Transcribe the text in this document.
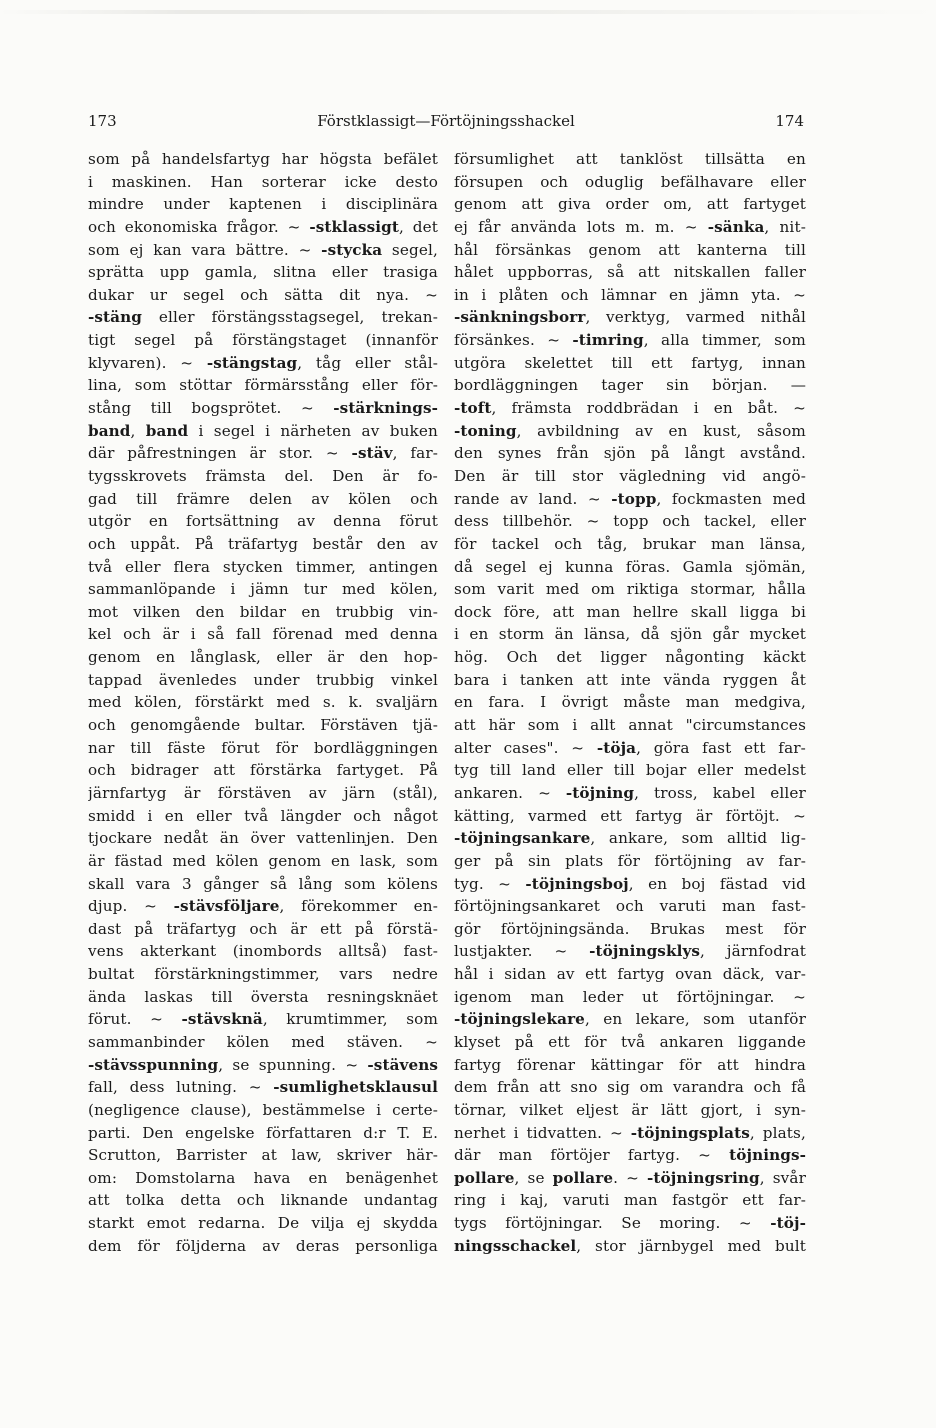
173	Förstklassigt—Förtöjningsshackel	174
som på handelsfartyg har högsta befälet
i maskinen. Han sorterar icke desto
mindre under kaptenen i disciplinära
och ekonomiska frågor. ~ -stklassigt, det
som ej kan vara bättre. ~ -stycka segel,
sprätta upp gamla, slitna eller trasiga
dukar ur segel och sätta dit nya. ~
-stäng eller förstängsstagsegel, trekan-
tigt segel på förstängstaget (innanför
klyvaren). ~ -stängstag, tåg eller stål-
lina, som stöttar förmärsstång eller för-
stång till bogsprötet. ~ -stärknings-
band, band i segel i närheten av buken
där påfrestningen är stor. ~ -stäv, far-
tygsskrovets främsta del. Den är fo-
gad till främre delen av kölen och
utgör en fortsättning av denna förut
och uppåt. På träfartyg består den av
två eller flera stycken timmer, antingen
sammanlöpande i jämn tur med kölen,
mot vilken den bildar en trubbig vin-
kel och är i så fall förenad med denna
genom en långlask, eller är den hop-
tappad ävenledes under trubbig vinkel
med kölen, förstärkt med s. k. svaljärn
och genomgående bultar. Förstäven tjä-
nar till fäste förut för bordläggningen
och bidrager att förstärka fartyget. På
järnfartyg är förstäven av järn (stål),
smidd i en eller två längder och något
tjockare nedåt än över vattenlinjen. Den
är fästad med kölen genom en lask, som
skall vara 3 gånger så lång som kölens
djup. ~ -stävsföljare, förekommer en-
dast på träfartyg och är ett på förstä-
vens akterkant (inombords alltså) fast-
bultat förstärkningstimmer, vars nedre
ända laskas till översta resningsknäet
förut. ~ -stävsknä, krumtimmer, som
sammanbinder kölen med stäven. ~
-stävsspunning, se spunning. ~ -stävens
fall, dess lutning. ~ -sumlighetsklausul
(negligence clause), bestämmelse i certe-
parti. Den engelske författaren d:r T. E.
Scrutton, Barrister at law, skriver här-
om: Domstolarna hava en benägenhet
att tolka detta och liknande undantag
starkt emot redarna. De vilja ej skydda
dem för följderna av deras personliga
försumlighet att tanklöst tillsätta en
försupen och oduglig befälhavare eller
genom att giva order om, att fartyget
ej får använda lots m. m. ~ -sänka, nit-
hål försänkas genom att kanterna till
hålet uppborras, så att nitskallen faller
in i plåten och lämnar en jämn yta. ~
-sänkningsborr, verktyg, varmed nithål
försänkes. ~ -timring, alla timmer, som
utgöra skelettet till ett fartyg, innan
bordläggningen tager sin början. —
-toft, främsta roddbrädan i en båt. ~
-toning, avbildning av en kust, såsom
den synes från sjön på långt avstånd.
Den är till stor vägledning vid angö-
rande av land. ~ -topp, fockmasten med
dess tillbehör. ~ topp och tackel, eller
för tackel och tåg, brukar man länsa,
då segel ej kunna föras. Gamla sjömän,
som varit med om riktiga stormar, hålla
dock före, att man hellre skall ligga bi
i en storm än länsa, då sjön går mycket
hög. Och det ligger någonting käckt
bara i tanken att inte vända ryggen åt
en fara. I övrigt måste man medgiva,
att här som i allt annat "circumstances
alter cases". ~ -töja, göra fast ett far-
tyg till land eller till bojar eller medelst
ankaren. ~ -töjning, tross, kabel eller
kätting, varmed ett fartyg är förtöjt. ~
-töjningsankare, ankare, som alltid lig-
ger på sin plats för förtöjning av far-
tyg. ~ -töjningsboj, en boj fästad vid
förtöjningsankaret och varuti man fast-
gör förtöjningsända. Brukas mest för
lustjakter. ~ -töjningsklys, järnfodrat
hål i sidan av ett fartyg ovan däck, var-
igenom man leder ut förtöjningar. ~
-töjningslekare, en lekare, som utanför
klyset på ett för två ankaren liggande
fartyg förenar kättingar för att hindra
dem från att sno sig om varandra och få
törnar, vilket eljest är lätt gjort, i syn-
nerhet i tidvatten. ~ -töjningsplats, plats,
där man förtöjer fartyg. ~ töjnings-
pollare, se pollare. ~ -töjningsring, svår
ring i kaj, varuti man fastgör ett far-
tygs förtöjningar. Se moring. ~ -töj-
ningsschackel, stor järnbygel med bult
